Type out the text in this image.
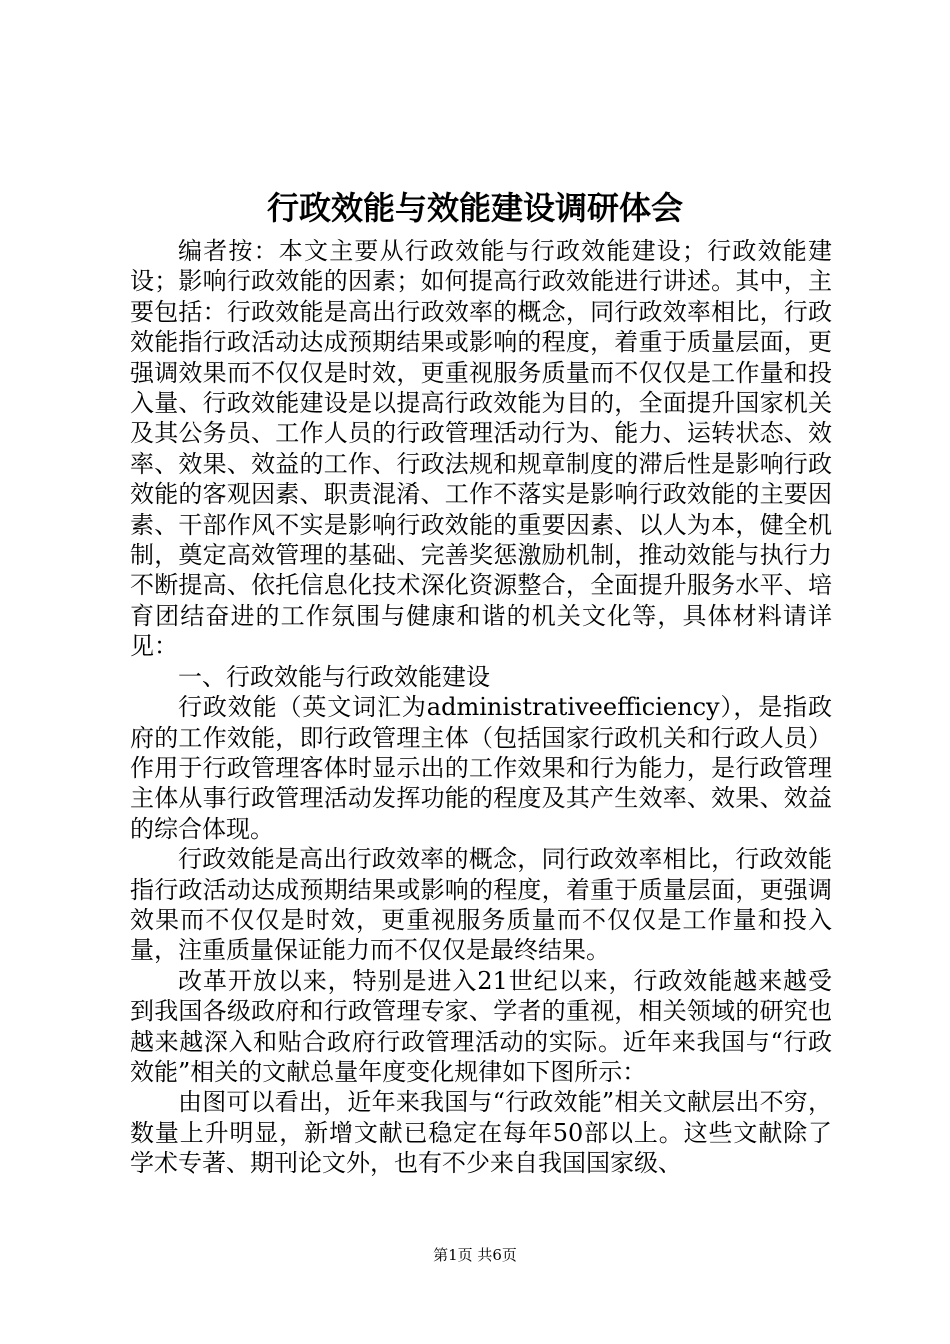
行政效能与效能建设调研体会

编者按：本文主要从行政效能与行政效能建设；行政效能建设；影响行政效能的因素；如何提高行政效能进行讲述。其中，主要包括：行政效能是高出行政效率的概念，同行政效率相比，行政效能指行政活动达成预期结果或影响的程度，着重于质量层面，更强调效果而不仅仅是时效，更重视服务质量而不仅仅是工作量和投入量、行政效能建设是以提高行政效能为目的，全面提升国家机关及其公务员、工作人员的行政管理活动行为、能力、运转状态、效率、效果、效益的工作、行政法规和规章制度的滞后性是影响行政效能的客观因素、职责混淆、工作不落实是影响行政效能的主要因素、干部作风不实是影响行政效能的重要因素、以人为本，健全机制，奠定高效管理的基础、完善奖惩激励机制，推动效能与执行力不断提高、依托信息化技术深化资源整合，全面提升服务水平、培育团结奋进的工作氛围与健康和谐的机关文化等，具体材料请详见：

一、行政效能与行政效能建设

行政效能（英文词汇为administrativeefficiency），是指政府的工作效能，即行政管理主体（包括国家行政机关和行政人员）作用于行政管理客体时显示出的工作效果和行为能力，是行政管理主体从事行政管理活动发挥功能的程度及其产生效率、效果、效益的综合体现。

行政效能是高出行政效率的概念，同行政效率相比，行政效能指行政活动达成预期结果或影响的程度，着重于质量层面，更强调效果而不仅仅是时效，更重视服务质量而不仅仅是工作量和投入量，注重质量保证能力而不仅仅是最终结果。

改革开放以来，特别是进入21世纪以来，行政效能越来越受到我国各级政府和行政管理专家、学者的重视，相关领域的研究也越来越深入和贴合政府行政管理活动的实际。近年来我国与“行政效能”相关的文献总量年度变化规律如下图所示：

由图可以看出，近年来我国与“行政效能”相关文献层出不穷，数量上升明显，新增文献已稳定在每年50部以上。这些文献除了学术专著、期刊论文外，也有不少来自我国国家级、

第1页 共6页
